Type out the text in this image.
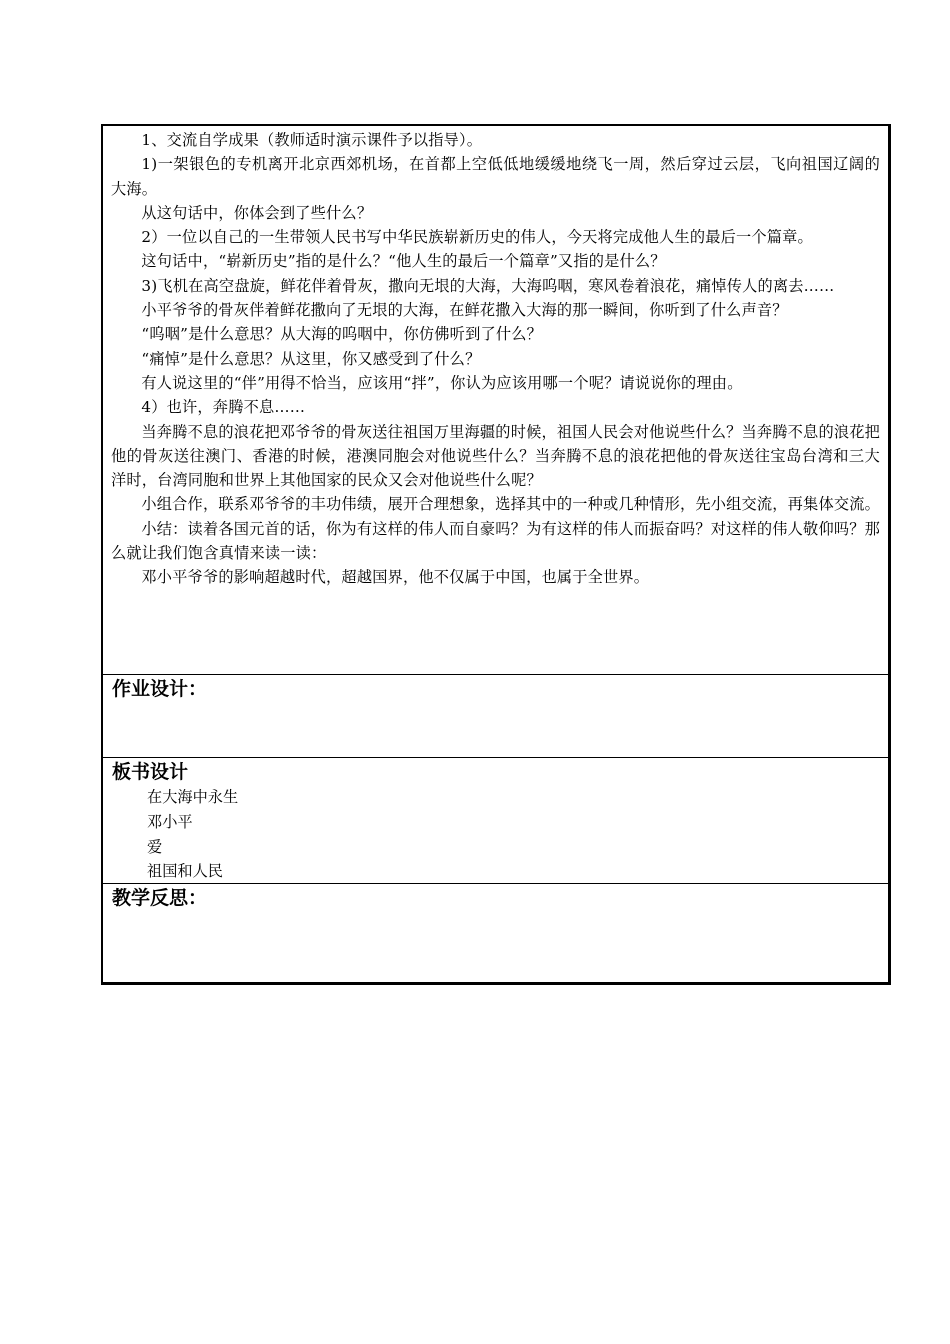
1、交流自学成果（教师适时演示课件予以指导）。

1)一架银色的专机离开北京西郊机场，在首都上空低低地缓缓地绕飞一周，然后穿过云层，飞向祖国辽阔的大海。

从这句话中，你体会到了些什么？

2）一位以自己的一生带领人民书写中华民族崭新历史的伟人，今天将完成他人生的最后一个篇章。

这句话中，“崭新历史”指的是什么？“他人生的最后一个篇章”又指的是什么？

3)飞机在高空盘旋，鲜花伴着骨灰，撒向无垠的大海，大海呜咽，寒风卷着浪花，痛悼传人的离去……

小平爷爷的骨灰伴着鲜花撒向了无垠的大海，在鲜花撒入大海的那一瞬间，你听到了什么声音？

“呜咽”是什么意思？从大海的呜咽中，你仿佛听到了什么？

“痛悼”是什么意思？从这里，你又感受到了什么？

有人说这里的“伴”用得不恰当，应该用“拌”，你认为应该用哪一个呢？请说说你的理由。

4）也许，奔腾不息……

当奔腾不息的浪花把邓爷爷的骨灰送往祖国万里海疆的时候，祖国人民会对他说些什么？当奔腾不息的浪花把他的骨灰送往澳门、香港的时候，港澳同胞会对他说些什么？当奔腾不息的浪花把他的骨灰送往宝岛台湾和三大洋时，台湾同胞和世界上其他国家的民众又会对他说些什么呢？

小组合作，联系邓爷爷的丰功伟绩，展开合理想象，选择其中的一种或几种情形，先小组交流，再集体交流。

小结：读着各国元首的话，你为有这样的伟人而自豪吗？为有这样的伟人而振奋吗？对这样的伟人敬仰吗？那么就让我们饱含真情来读一读：

邓小平爷爷的影响超越时代，超越国界，他不仅属于中国，也属于全世界。

作业设计：

板书设计

在大海中永生

邓小平

爱

祖国和人民

教学反思：
